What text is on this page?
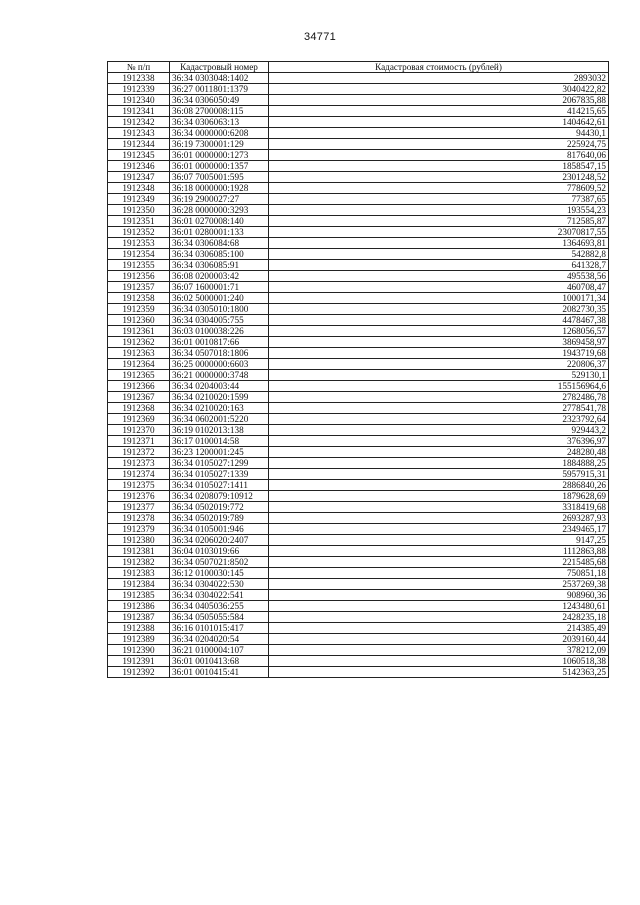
34771
№ п/п	Кадастровый номер	Кадастровая стоимость (рублей)
1912338	36:34 0303048:1402	2893032
1912339	36:27 0011801:1379	3040422,82
1912340	36:34 0306050:49	2067835,88
1912341	36:08 2700008:115	414215,65
1912342	36:34 0306063:13	1404642,61
1912343	36:34 0000000:6208	94430,1
1912344	36:19 7300001:129	225924,75
1912345	36:01 0000000:1273	817640,06
1912346	36:01 0000000:1357	1858547,15
1912347	36:07 7005001:595	2301248,52
1912348	36:18 0000000:1928	778609,52
1912349	36:19 2900027:27	77387,65
1912350	36:28 0000000:3293	193554,23
1912351	36:01 0270008:140	712585,87
1912352	36:01 0280001:133	23070817,55
1912353	36:34 0306084:68	1364693,81
1912354	36:34 0306085:100	542882,8
1912355	36:34 0306085:91	641328,7
1912356	36:08 0200003:42	495538,56
1912357	36:07 1600001:71	460708,47
1912358	36:02 5000001:240	1000171,34
1912359	36:34 0305010:1800	2082730,35
1912360	36:34 0304005:755	4478467,38
1912361	36:03 0100038:226	1268056,57
1912362	36:01 0010817:66	3869458,97
1912363	36:34 0507018:1806	1943719,68
1912364	36:25 0000000:6603	220806,37
1912365	36:21 0000000:3748	529130,1
1912366	36:34 0204003:44	155156964,6
1912367	36:34 0210020:1599	2782486,78
1912368	36:34 0210020:163	2778541,78
1912369	36:34 0602001:5220	2323792,64
1912370	36:19 0102013:138	929443,2
1912371	36:17 0100014:58	376396,97
1912372	36:23 1200001:245	248280,48
1912373	36:34 0105027:1299	1884888,25
1912374	36:34 0105027:1339	5957915,31
1912375	36:34 0105027:1411	2886840,26
1912376	36:34 0208079:10912	1879628,69
1912377	36:34 0502019:772	3318419,68
1912378	36:34 0502019:789	2693287,93
1912379	36:34 0105001:946	2349465,17
1912380	36:34 0206020:2407	9147,25
1912381	36:04 0103019:66	1112863,88
1912382	36:34 0507021:8502	2215485,68
1912383	36:12 0100030:145	750851,18
1912384	36:34 0304022:530	2537269,38
1912385	36:34 0304022:541	908960,36
1912386	36:34 0405036:255	1243480,61
1912387	36:34 0505055:584	2428235,18
1912388	36:16 0101015:417	214385,49
1912389	36:34 0204020:54	2039160,44
1912390	36:21 0100004:107	378212,09
1912391	36:01 0010413:68	1060518,38
1912392	36:01 0010415:41	5142363,25
